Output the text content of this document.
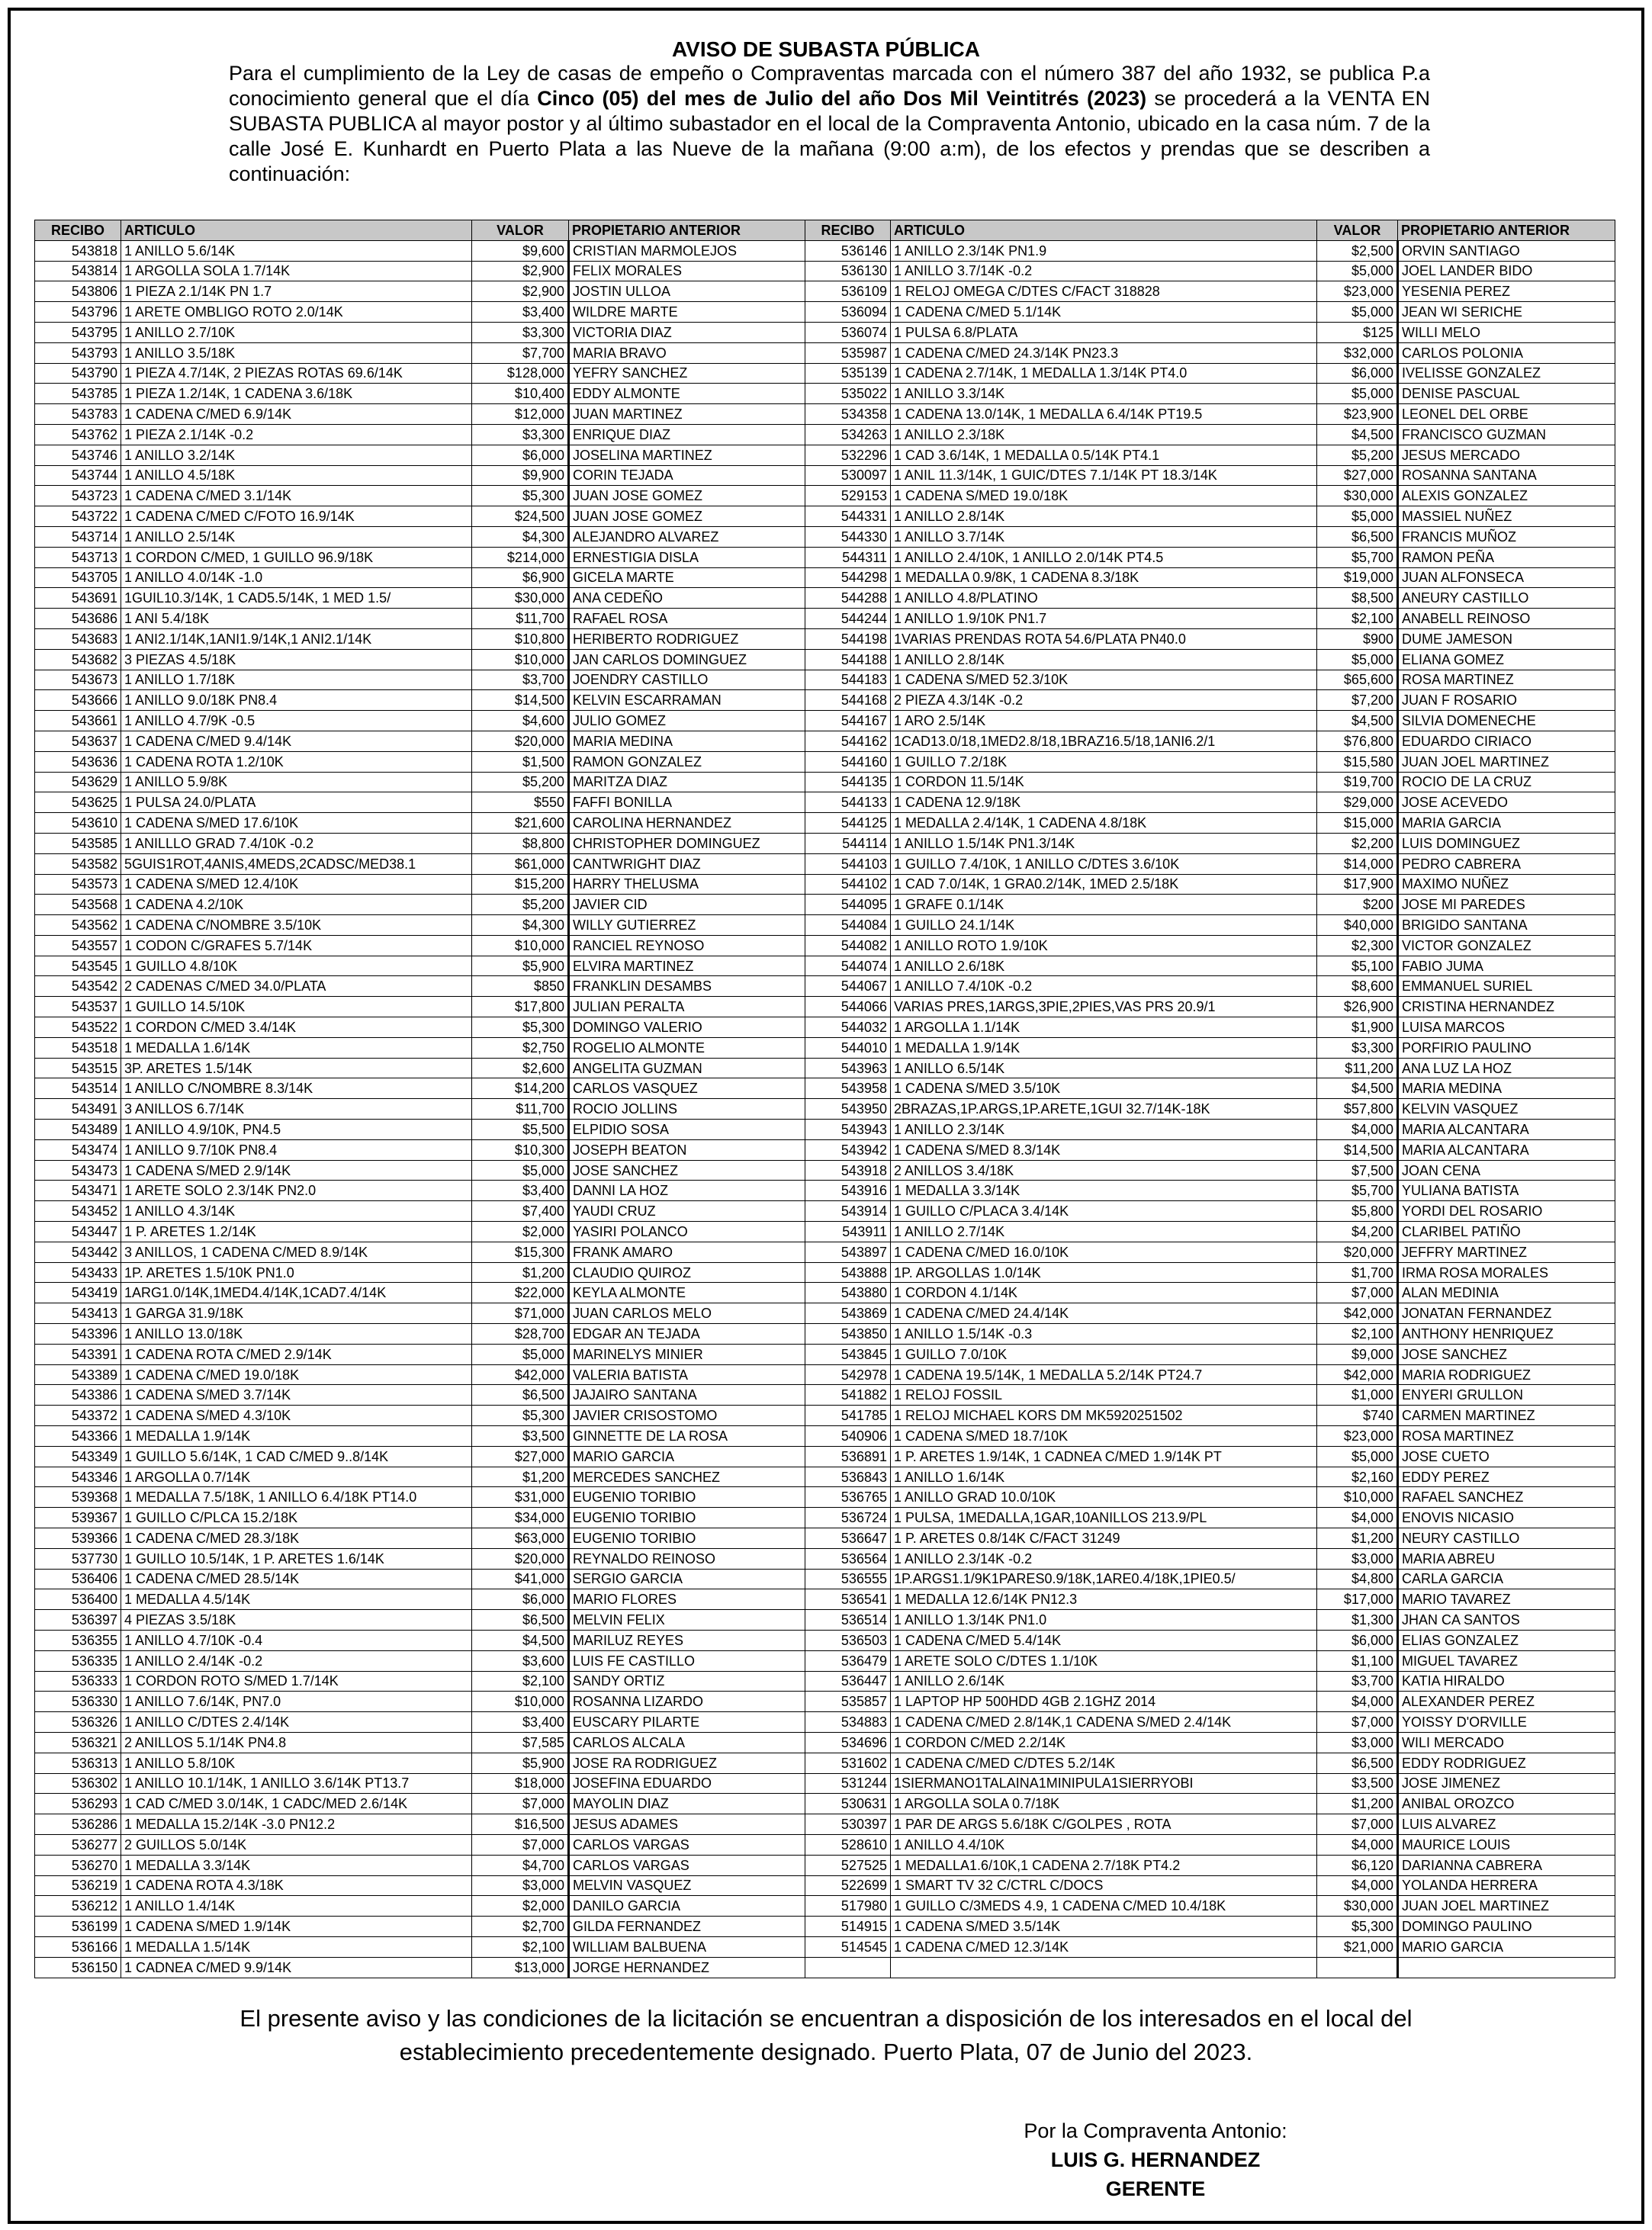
AVISO DE SUBASTA PÚBLICA
Para el cumplimiento de la Ley de casas de empeño o Compraventas marcada con el número 387 del año 1932, se publica P.a conocimiento general que el día Cinco (05) del mes de Julio del año Dos Mil Veintitrés (2023) se procederá a la VENTA EN SUBASTA PUBLICA al mayor postor y al último subastador en el local de la Compraventa Antonio, ubicado en la casa núm. 7 de la calle José E. Kunhardt en Puerto Plata a las Nueve de la mañana (9:00 a:m), de los efectos y prendas que se describen a continuación:
RECIBO	ARTICULO	VALOR	PROPIETARIO ANTERIOR	RECIBO	ARTICULO	VALOR	PROPIETARIO ANTERIOR
543818	1 ANILLO 5.6/14K	$9,600	CRISTIAN MARMOLEJOS	536146	1 ANILLO 2.3/14K PN1.9	$2,500	ORVIN SANTIAGO
543814	1 ARGOLLA SOLA 1.7/14K	$2,900	FELIX MORALES	536130	1 ANILLO 3.7/14K -0.2	$5,000	JOEL LANDER BIDO
543806	1 PIEZA 2.1/14K PN 1.7	$2,900	JOSTIN ULLOA	536109	1 RELOJ OMEGA C/DTES C/FACT 318828	$23,000	YESENIA PEREZ
543796	1 ARETE OMBLIGO ROTO 2.0/14K	$3,400	WILDRE MARTE	536094	1 CADENA C/MED 5.1/14K	$5,000	JEAN WI SERICHE
543795	1 ANILLO 2.7/10K	$3,300	VICTORIA DIAZ	536074	1 PULSA 6.8/PLATA	$125	WILLI MELO
543793	1 ANILLO 3.5/18K	$7,700	MARIA BRAVO	535987	1 CADENA C/MED 24.3/14K PN23.3	$32,000	CARLOS POLONIA
543790	1 PIEZA 4.7/14K, 2 PIEZAS ROTAS 69.6/14K	$128,000	YEFRY SANCHEZ	535139	1 CADENA 2.7/14K, 1 MEDALLA 1.3/14K PT4.0	$6,000	IVELISSE GONZALEZ
543785	1 PIEZA 1.2/14K, 1 CADENA 3.6/18K	$10,400	EDDY ALMONTE	535022	1 ANILLO 3.3/14K	$5,000	DENISE PASCUAL
543783	1 CADENA C/MED 6.9/14K	$12,000	JUAN MARTINEZ	534358	1 CADENA 13.0/14K, 1 MEDALLA 6.4/14K PT19.5	$23,900	LEONEL DEL ORBE
543762	1 PIEZA 2.1/14K -0.2	$3,300	ENRIQUE DIAZ	534263	1 ANILLO 2.3/18K	$4,500	FRANCISCO GUZMAN
543746	1 ANILLO 3.2/14K	$6,000	JOSELINA MARTINEZ	532296	1 CAD 3.6/14K, 1 MEDALLA 0.5/14K PT4.1	$5,200	JESUS MERCADO
543744	1 ANILLO 4.5/18K	$9,900	CORIN TEJADA	530097	1 ANIL 11.3/14K, 1 GUIC/DTES 7.1/14K PT 18.3/14K	$27,000	ROSANNA SANTANA
543723	1 CADENA C/MED 3.1/14K	$5,300	JUAN JOSE GOMEZ	529153	1 CADENA S/MED 19.0/18K	$30,000	ALEXIS GONZALEZ
543722	1 CADENA C/MED C/FOTO 16.9/14K	$24,500	JUAN JOSE GOMEZ	544331	1 ANILLO 2.8/14K	$5,000	MASSIEL NUÑEZ
543714	1 ANILLO 2.5/14K	$4,300	ALEJANDRO ALVAREZ	544330	1 ANILLO 3.7/14K	$6,500	FRANCIS MUÑOZ
543713	1 CORDON C/MED, 1 GUILLO 96.9/18K	$214,000	ERNESTIGIA DISLA	544311	1 ANILLO 2.4/10K, 1 ANILLO 2.0/14K PT4.5	$5,700	RAMON PEÑA
543705	1 ANILLO 4.0/14K -1.0	$6,900	GICELA MARTE	544298	1 MEDALLA 0.9/8K, 1 CADENA 8.3/18K	$19,000	JUAN ALFONSECA
543691	1GUIL10.3/14K, 1 CAD5.5/14K, 1 MED 1.5/	$30,000	ANA CEDEÑO	544288	1 ANILLO 4.8/PLATINO	$8,500	ANEURY CASTILLO
543686	1 ANI 5.4/18K	$11,700	RAFAEL ROSA	544244	1 ANILLO 1.9/10K PN1.7	$2,100	ANABELL REINOSO
543683	1 ANI2.1/14K,1ANI1.9/14K,1 ANI2.1/14K	$10,800	HERIBERTO RODRIGUEZ	544198	1VARIAS PRENDAS ROTA 54.6/PLATA PN40.0	$900	DUME JAMESON
543682	3 PIEZAS 4.5/18K	$10,000	JAN CARLOS DOMINGUEZ	544188	1 ANILLO 2.8/14K	$5,000	ELIANA GOMEZ
543673	1 ANILLO 1.7/18K	$3,700	JOENDRY CASTILLO	544183	1 CADENA S/MED 52.3/10K	$65,600	ROSA MARTINEZ
543666	1 ANILLO 9.0/18K PN8.4	$14,500	KELVIN ESCARRAMAN	544168	2 PIEZA 4.3/14K -0.2	$7,200	JUAN F ROSARIO
543661	1 ANILLO 4.7/9K -0.5	$4,600	JULIO GOMEZ	544167	1 ARO 2.5/14K	$4,500	SILVIA DOMENECHE
543637	1 CADENA C/MED 9.4/14K	$20,000	MARIA MEDINA	544162	1CAD13.0/18,1MED2.8/18,1BRAZ16.5/18,1ANI6.2/1	$76,800	EDUARDO CIRIACO
543636	1 CADENA ROTA 1.2/10K	$1,500	RAMON GONZALEZ	544160	1 GUILLO 7.2/18K	$15,580	JUAN JOEL MARTINEZ
543629	1 ANILLO 5.9/8K	$5,200	MARITZA DIAZ	544135	1 CORDON 11.5/14K	$19,700	ROCIO DE LA CRUZ
543625	1 PULSA 24.0/PLATA	$550	FAFFI BONILLA	544133	1 CADENA 12.9/18K	$29,000	JOSE ACEVEDO
543610	1 CADENA S/MED 17.6/10K	$21,600	CAROLINA HERNANDEZ	544125	1 MEDALLA 2.4/14K, 1 CADENA 4.8/18K	$15,000	MARIA GARCIA
543585	1 ANILLLO GRAD 7.4/10K -0.2	$8,800	CHRISTOPHER DOMINGUEZ	544114	1 ANILLO 1.5/14K PN1.3/14K	$2,200	LUIS DOMINGUEZ
543582	5GUIS1ROT,4ANIS,4MEDS,2CADSC/MED38.1	$61,000	CANTWRIGHT DIAZ	544103	1 GUILLO 7.4/10K, 1 ANILLO C/DTES 3.6/10K	$14,000	PEDRO CABRERA
543573	1 CADENA S/MED 12.4/10K	$15,200	HARRY THELUSMA	544102	1 CAD 7.0/14K, 1 GRA0.2/14K, 1MED 2.5/18K	$17,900	MAXIMO NUÑEZ
543568	1 CADENA 4.2/10K	$5,200	JAVIER CID	544095	1 GRAFE 0.1/14K	$200	JOSE MI PAREDES
543562	1 CADENA C/NOMBRE 3.5/10K	$4,300	WILLY GUTIERREZ	544084	1 GUILLO 24.1/14K	$40,000	BRIGIDO SANTANA
543557	1 CODON C/GRAFES 5.7/14K	$10,000	RANCIEL REYNOSO	544082	1 ANILLO ROTO 1.9/10K	$2,300	VICTOR GONZALEZ
543545	1 GUILLO 4.8/10K	$5,900	ELVIRA MARTINEZ	544074	1 ANILLO 2.6/18K	$5,100	FABIO JUMA
543542	2 CADENAS C/MED 34.0/PLATA	$850	FRANKLIN DESAMBS	544067	1 ANILLO 7.4/10K -0.2	$8,600	EMMANUEL SURIEL
543537	1 GUILLO 14.5/10K	$17,800	JULIAN PERALTA	544066	VARIAS PRES,1ARGS,3PIE,2PIES,VAS PRS 20.9/1	$26,900	CRISTINA HERNANDEZ
543522	1 CORDON C/MED 3.4/14K	$5,300	DOMINGO VALERIO	544032	1 ARGOLLA 1.1/14K	$1,900	LUISA MARCOS
543518	1 MEDALLA 1.6/14K	$2,750	ROGELIO ALMONTE	544010	1 MEDALLA 1.9/14K	$3,300	PORFIRIO PAULINO
543515	3P. ARETES 1.5/14K	$2,600	ANGELITA GUZMAN	543963	1 ANILLO 6.5/14K	$11,200	ANA LUZ LA HOZ
543514	1 ANILLO C/NOMBRE 8.3/14K	$14,200	CARLOS VASQUEZ	543958	1 CADENA S/MED 3.5/10K	$4,500	MARIA MEDINA
543491	3 ANILLOS 6.7/14K	$11,700	ROCIO JOLLINS	543950	2BRAZAS,1P.ARGS,1P.ARETE,1GUI 32.7/14K-18K	$57,800	KELVIN VASQUEZ
543489	1 ANILLO 4.9/10K, PN4.5	$5,500	ELPIDIO SOSA	543943	1 ANILLO 2.3/14K	$4,000	MARIA ALCANTARA
543474	1 ANILLO 9.7/10K PN8.4	$10,300	JOSEPH BEATON	543942	1 CADENA S/MED 8.3/14K	$14,500	MARIA ALCANTARA
543473	1 CADENA S/MED 2.9/14K	$5,000	JOSE SANCHEZ	543918	2 ANILLOS 3.4/18K	$7,500	JOAN CENA
543471	1 ARETE SOLO 2.3/14K PN2.0	$3,400	DANNI LA HOZ	543916	1 MEDALLA 3.3/14K	$5,700	YULIANA BATISTA
543452	1 ANILLO 4.3/14K	$7,400	YAUDI CRUZ	543914	1 GUILLO C/PLACA 3.4/14K	$5,800	YORDI DEL ROSARIO
543447	1 P. ARETES 1.2/14K	$2,000	YASIRI POLANCO	543911	1 ANILLO 2.7/14K	$4,200	CLARIBEL PATIÑO
543442	3 ANILLOS, 1 CADENA C/MED 8.9/14K	$15,300	FRANK AMARO	543897	1 CADENA C/MED 16.0/10K	$20,000	JEFFRY MARTINEZ
543433	1P. ARETES 1.5/10K PN1.0	$1,200	CLAUDIO QUIROZ	543888	1P. ARGOLLAS 1.0/14K	$1,700	IRMA ROSA MORALES
543419	1ARG1.0/14K,1MED4.4/14K,1CAD7.4/14K	$22,000	KEYLA ALMONTE	543880	1 CORDON 4.1/14K	$7,000	ALAN MEDINIA
543413	1 GARGA 31.9/18K	$71,000	JUAN CARLOS MELO	543869	1 CADENA C/MED 24.4/14K	$42,000	JONATAN FERNANDEZ
543396	1 ANILLO 13.0/18K	$28,700	EDGAR AN TEJADA	543850	1 ANILLO 1.5/14K -0.3	$2,100	ANTHONY HENRIQUEZ
543391	1 CADENA ROTA C/MED 2.9/14K	$5,000	MARINELYS MINIER	543845	1 GUILLO 7.0/10K	$9,000	JOSE SANCHEZ
543389	1 CADENA C/MED 19.0/18K	$42,000	VALERIA BATISTA	542978	1 CADENA 19.5/14K, 1 MEDALLA 5.2/14K PT24.7	$42,000	MARIA RODRIGUEZ
543386	1 CADENA S/MED 3.7/14K	$6,500	JAJAIRO SANTANA	541882	1 RELOJ FOSSIL	$1,000	ENYERI GRULLON
543372	1 CADENA S/MED 4.3/10K	$5,300	JAVIER CRISOSTOMO	541785	1 RELOJ MICHAEL KORS DM MK5920251502	$740	CARMEN MARTINEZ
543366	1 MEDALLA 1.9/14K	$3,500	GINNETTE DE LA ROSA	540906	1 CADENA S/MED 18.7/10K	$23,000	ROSA MARTINEZ
543349	1 GUILLO 5.6/14K, 1 CAD C/MED 9..8/14K	$27,000	MARIO GARCIA	536891	1 P. ARETES 1.9/14K, 1 CADNEA C/MED 1.9/14K PT	$5,000	JOSE CUETO
543346	1 ARGOLLA 0.7/14K	$1,200	MERCEDES SANCHEZ	536843	1 ANILLO 1.6/14K	$2,160	EDDY PEREZ
539368	1 MEDALLA 7.5/18K, 1 ANILLO 6.4/18K PT14.0	$31,000	EUGENIO TORIBIO	536765	1 ANILLO GRAD 10.0/10K	$10,000	RAFAEL SANCHEZ
539367	1 GUILLO C/PLCA 15.2/18K	$34,000	EUGENIO TORIBIO	536724	1 PULSA, 1MEDALLA,1GAR,10ANILLOS 213.9/PL	$4,000	ENOVIS NICASIO
539366	1 CADENA C/MED 28.3/18K	$63,000	EUGENIO TORIBIO	536647	1 P. ARETES 0.8/14K C/FACT 31249	$1,200	NEURY CASTILLO
537730	1 GUILLO 10.5/14K, 1 P. ARETES 1.6/14K	$20,000	REYNALDO REINOSO	536564	1 ANILLO 2.3/14K -0.2	$3,000	MARIA ABREU
536406	1 CADENA C/MED 28.5/14K	$41,000	SERGIO GARCIA	536555	1P.ARGS1.1/9K1PARES0.9/18K,1ARE0.4/18K,1PIE0.5/	$4,800	CARLA GARCIA
536400	1 MEDALLA 4.5/14K	$6,000	MARIO FLORES	536541	1 MEDALLA 12.6/14K PN12.3	$17,000	MARIO TAVAREZ
536397	4 PIEZAS 3.5/18K	$6,500	MELVIN FELIX	536514	1 ANILLO 1.3/14K PN1.0	$1,300	JHAN CA SANTOS
536355	1 ANILLO 4.7/10K -0.4	$4,500	MARILUZ REYES	536503	1 CADENA C/MED 5.4/14K	$6,000	ELIAS GONZALEZ
536335	1 ANILLO 2.4/14K -0.2	$3,600	LUIS FE CASTILLO	536479	1 ARETE SOLO C/DTES 1.1/10K	$1,100	MIGUEL TAVAREZ
536333	1 CORDON ROTO S/MED 1.7/14K	$2,100	SANDY ORTIZ	536447	1 ANILLO 2.6/14K	$3,700	KATIA HIRALDO
536330	1 ANILLO 7.6/14K, PN7.0	$10,000	ROSANNA LIZARDO	535857	1 LAPTOP HP 500HDD 4GB 2.1GHZ 2014	$4,000	ALEXANDER PEREZ
536326	1 ANILLO C/DTES 2.4/14K	$3,400	EUSCARY PILARTE	534883	1 CADENA C/MED 2.8/14K,1 CADENA S/MED 2.4/14K	$7,000	YOISSY D'ORVILLE
536321	2 ANILLOS 5.1/14K PN4.8	$7,585	CARLOS ALCALA	534696	1 CORDON C/MED 2.2/14K	$3,000	WILI MERCADO
536313	1 ANILLO 5.8/10K	$5,900	JOSE RA RODRIGUEZ	531602	1 CADENA C/MED C/DTES 5.2/14K	$6,500	EDDY RODRIGUEZ
536302	1 ANILLO 10.1/14K, 1 ANILLO 3.6/14K PT13.7	$18,000	JOSEFINA EDUARDO	531244	1SIERMANO1TALAINA1MINIPULA1SIERRYOBI	$3,500	JOSE JIMENEZ
536293	1 CAD C/MED 3.0/14K, 1 CADC/MED 2.6/14K	$7,000	MAYOLIN DIAZ	530631	1 ARGOLLA SOLA 0.7/18K	$1,200	ANIBAL OROZCO
536286	1 MEDALLA 15.2/14K -3.0 PN12.2	$16,500	JESUS ADAMES	530397	1 PAR DE ARGS 5.6/18K C/GOLPES , ROTA	$7,000	LUIS ALVAREZ
536277	2 GUILLOS 5.0/14K	$7,000	CARLOS VARGAS	528610	1 ANILLO 4.4/10K	$4,000	MAURICE LOUIS
536270	1 MEDALLA 3.3/14K	$4,700	CARLOS VARGAS	527525	1 MEDALLA1.6/10K,1 CADENA 2.7/18K PT4.2	$6,120	DARIANNA CABRERA
536219	1 CADENA ROTA 4.3/18K	$3,000	MELVIN VASQUEZ	522699	1 SMART TV 32 C/CTRL C/DOCS	$4,000	YOLANDA HERRERA
536212	1 ANILLO 1.4/14K	$2,000	DANILO GARCIA	517980	1 GUILLO C/3MEDS 4.9, 1 CADENA C/MED 10.4/18K	$30,000	JUAN JOEL MARTINEZ
536199	1 CADENA S/MED 1.9/14K	$2,700	GILDA FERNANDEZ	514915	1 CADENA S/MED 3.5/14K	$5,300	DOMINGO PAULINO
536166	1 MEDALLA 1.5/14K	$2,100	WILLIAM BALBUENA	514545	1 CADENA C/MED 12.3/14K	$21,000	MARIO GARCIA
536150	1 CADNEA C/MED 9.9/14K	$13,000	JORGE HERNANDEZ				
El presente aviso y las condiciones de la licitación se encuentran a disposición de los interesados en el local del establecimiento precedentemente designado. Puerto Plata, 07 de Junio del 2023.
Por la Compraventa Antonio:
LUIS G. HERNANDEZ
GERENTE
